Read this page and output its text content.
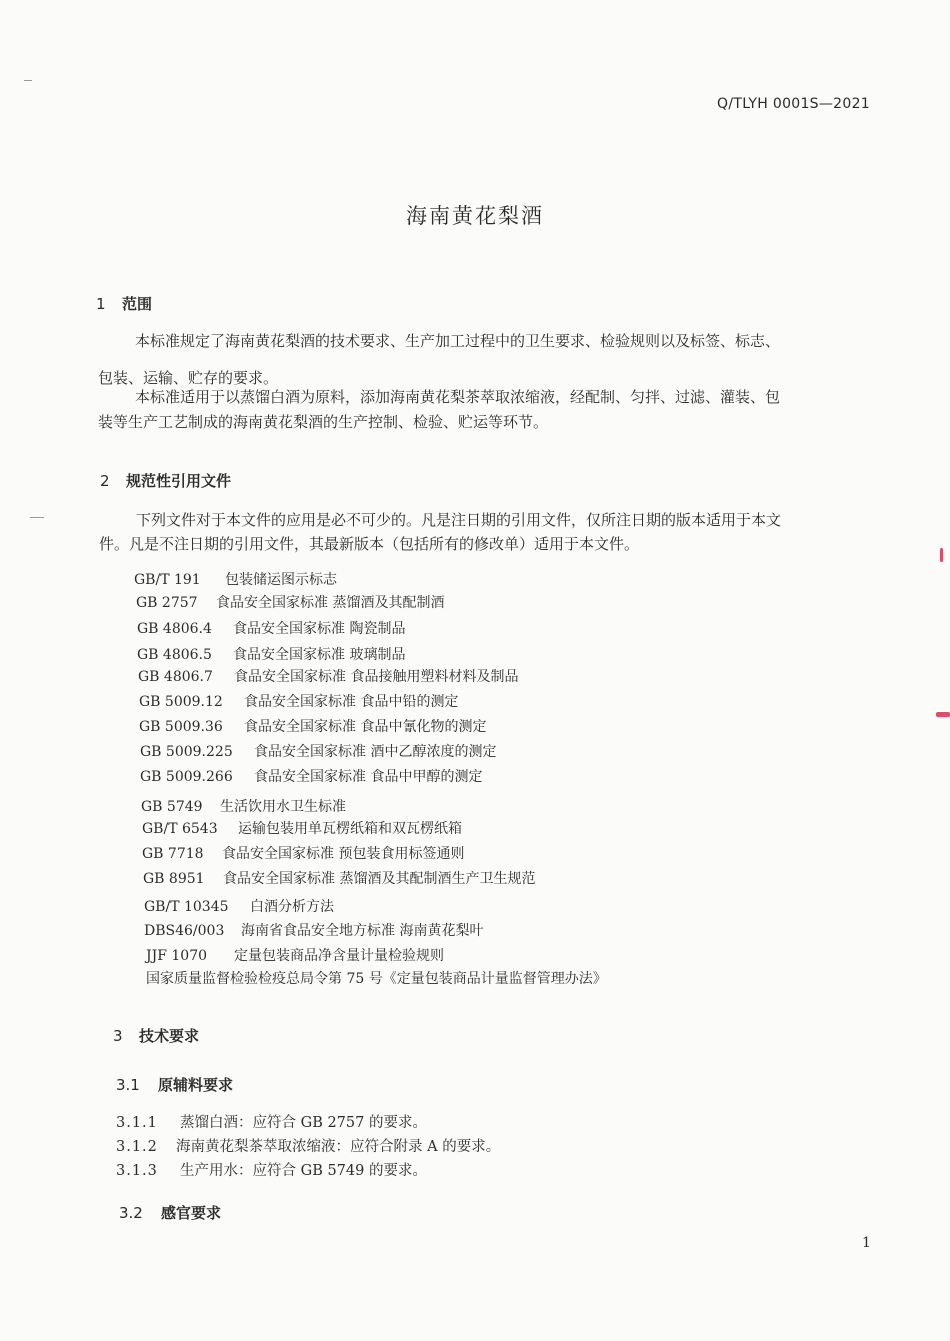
Q/TLYH 0001S—2021
海南黄花梨酒
1 范围
本标准规定了海南黄花梨酒的技术要求、生产加工过程中的卫生要求、检验规则以及标签、标志、
包装、运输、贮存的要求。
本标准适用于以蒸馏白酒为原料，添加海南黄花梨茶萃取浓缩液，经配制、匀拌、过滤、灌装、包
装等生产工艺制成的海南黄花梨酒的生产控制、检验、贮运等环节。
2 规范性引用文件
下列文件对于本文件的应用是必不可少的。凡是注日期的引用文件，仅所注日期的版本适用于本文
件。凡是不注日期的引用文件，其最新版本（包括所有的修改单）适用于本文件。
GB/T 191 包装储运图示标志
GB 2757 食品安全国家标准 蒸馏酒及其配制酒
GB 4806.4 食品安全国家标准 陶瓷制品
GB 4806.5 食品安全国家标准 玻璃制品
GB 4806.7 食品安全国家标准 食品接触用塑料材料及制品
GB 5009.12 食品安全国家标准 食品中铅的测定
GB 5009.36 食品安全国家标准 食品中氰化物的测定
GB 5009.225 食品安全国家标准 酒中乙醇浓度的测定
GB 5009.266 食品安全国家标准 食品中甲醇的测定
GB 5749 生活饮用水卫生标准
GB/T 6543 运输包装用单瓦楞纸箱和双瓦楞纸箱
GB 7718 食品安全国家标准 预包装食用标签通则
GB 8951 食品安全国家标准 蒸馏酒及其配制酒生产卫生规范
GB/T 10345 白酒分析方法
DBS46/003 海南省食品安全地方标准 海南黄花梨叶
JJF 1070 定量包装商品净含量计量检验规则
国家质量监督检验检疫总局令第 75 号《定量包装商品计量监督管理办法》
3 技术要求
3.1 原辅料要求
3.1.1 蒸馏白酒：应符合 GB 2757 的要求。
3.1.2 海南黄花梨茶萃取浓缩液：应符合附录 A 的要求。
3.1.3 生产用水：应符合 GB 5749 的要求。
3.2 感官要求
1
